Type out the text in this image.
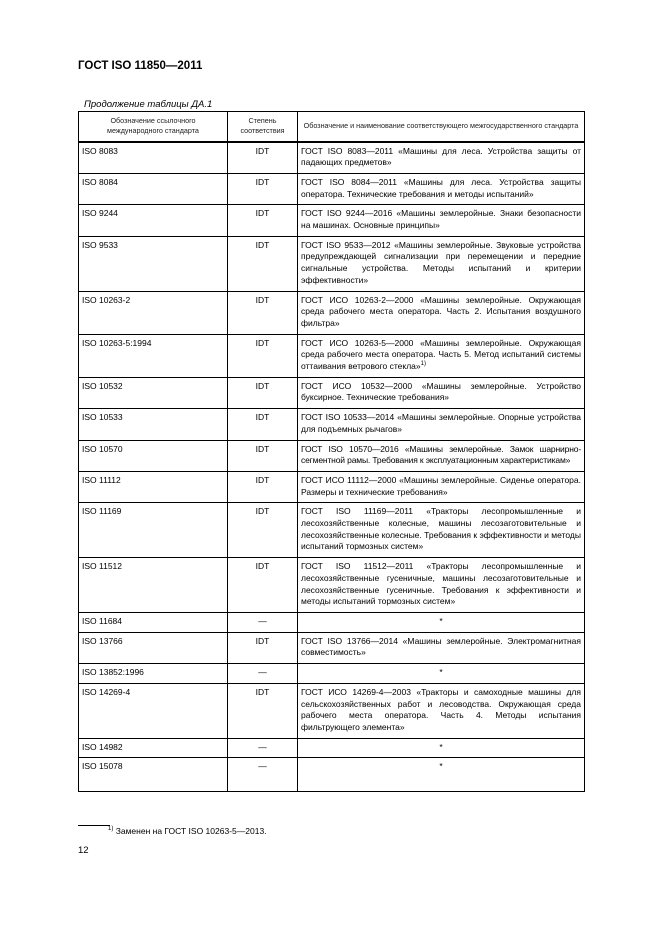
ГОСТ ISO 11850—2011
Продолжение таблицы ДА.1
Обозначение ссылочного международного стандарта	Степень соответствия	Обозначение и наименование соответствующего межгосударственного стандарта
ISO 8083	IDT	ГОСТ ISO 8083—2011 «Машины для леса. Устройства защиты от падающих предметов»
ISO 8084	IDT	ГОСТ ISO 8084—2011 «Машины для леса. Устройства защиты оператора. Технические требования и методы испытаний»
ISO 9244	IDT	ГОСТ ISO 9244—2016 «Машины землеройные. Знаки безопасности на машинах. Основные принципы»
ISO 9533	IDT	ГОСТ ISO 9533—2012 «Машины землеройные. Звуковые устройства предупреждающей сигнализации при перемещении и передние сигнальные устройства. Методы испытаний и критерии эффективности»
ISO 10263-2	IDT	ГОСТ ИСО 10263-2—2000 «Машины землеройные. Окружающая среда рабочего места оператора. Часть 2. Испытания воздушного фильтра»
ISO 10263-5:1994	IDT	ГОСТ ИСО 10263-5—2000 «Машины землеройные. Окружающая среда рабочего места оператора. Часть 5. Метод испытаний системы оттаивания ветрового стекла»$^{1)}$
ISO 10532	IDT	ГОСТ ИСО 10532—2000 «Машины землеройные. Устройство буксирное. Технические требования»
ISO 10533	IDT	ГОСТ ISO 10533—2014 «Машины землеройные. Опорные устройства для подъемных рычагов»
ISO 10570	IDT	ГОСТ ISO 10570—2016 «Машины землеройные. Замок шарнирно-сегментной рамы. Требования к эксплуатационным характеристикам»
ISO 11112	IDT	ГОСТ ИСО 11112—2000 «Машины землеройные. Сиденье оператора. Размеры и технические требования»
ISO 11169	IDT	ГОСТ ISO 11169—2011 «Тракторы лесопромышленные и лесохозяйственные колесные, машины лесозаготовительные и лесохозяйственные колесные. Требования к эффективности и методы испытаний тормозных систем»
ISO 11512	IDT	ГОСТ ISO 11512—2011 «Тракторы лесопромышленные и лесохозяйственные гусеничные, машины лесозаготовительные и лесохозяйственные гусеничные. Требования к эффективности и методы испытаний тормозных систем»
ISO 11684	—	*
ISO 13766	IDT	ГОСТ ISO 13766—2014 «Машины землеройные. Электромагнитная совместимость»
ISO 13852:1996	—	*
ISO 14269-4	IDT	ГОСТ ИСО 14269-4—2003 «Тракторы и самоходные машины для сельскохозяйственных работ и лесоводства. Окружающая среда рабочего места оператора. Часть 4. Методы испытания фильтрующего элемента»
ISO 14982	—	*
ISO 15078	—	*
$^{1)}$ Заменен на ГОСТ ISO 10263-5—2013.
12
